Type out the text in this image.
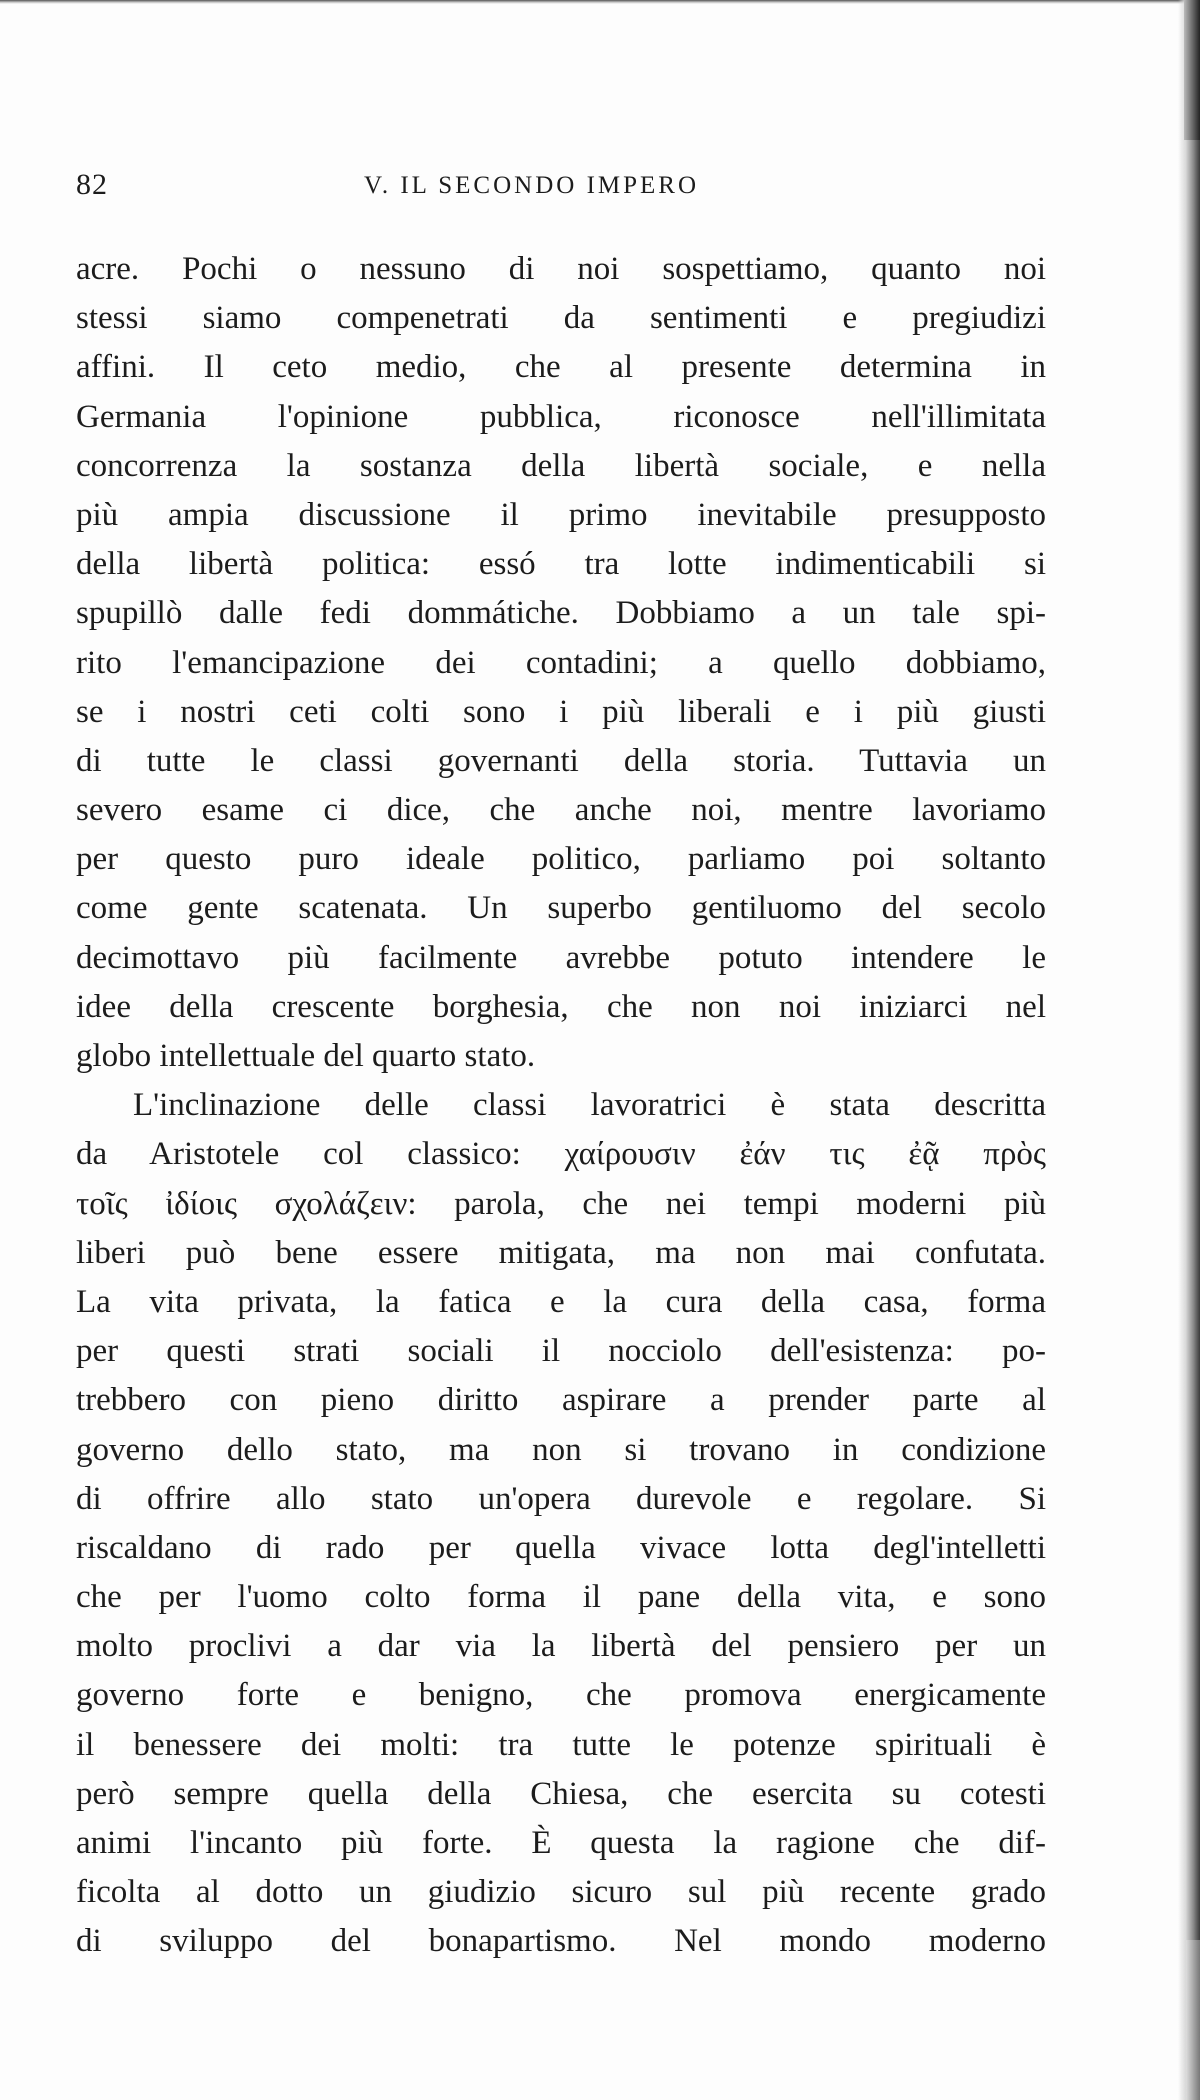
82	V. IL SECONDO IMPERO
acre. Pochi o nessuno di noi sospettiamo, quanto noi
stessi siamo compenetrati da sentimenti e pregiudizi
affini. Il ceto medio, che al presente determina in
Germania l'opinione pubblica, riconosce nell'illimitata
concorrenza la sostanza della libertà sociale, e nella
più ampia discussione il primo inevitabile presupposto
della libertà politica: essó tra lotte indimenticabili si
spupillò dalle fedi dommátiche. Dobbiamo a un tale spi-
rito l'emancipazione dei contadini; a quello dobbiamo,
se i nostri ceti colti sono i più liberali e i più giusti
di tutte le classi governanti della storia. Tuttavia un
severo esame ci dice, che anche noi, mentre lavoriamo
per questo puro ideale politico, parliamo poi soltanto
come gente scatenata. Un superbo gentiluomo del secolo
decimottavo più facilmente avrebbe potuto intendere le
idee della crescente borghesia, che non noi iniziarci nel
globo intellettuale del quarto stato.
L'inclinazione delle classi lavoratrici è stata descritta
da Aristotele col classico: χαίρουσιν ἐάν τις ἐᾷ πρὸς
τοῖς ἰδίοις σχολάζειν: parola, che nei tempi moderni più
liberi può bene essere mitigata, ma non mai confutata.
La vita privata, la fatica e la cura della casa, forma
per questi strati sociali il nocciolo dell'esistenza: po-
trebbero con pieno diritto aspirare a prender parte al
governo dello stato, ma non si trovano in condizione
di offrire allo stato un'opera durevole e regolare. Si
riscaldano di rado per quella vivace lotta degl'intelletti
che per l'uomo colto forma il pane della vita, e sono
molto proclivi a dar via la libertà del pensiero per un
governo forte e benigno, che promova energicamente
il benessere dei molti: tra tutte le potenze spirituali è
però sempre quella della Chiesa, che esercita su cotesti
animi l'incanto più forte. È questa la ragione che dif-
ficolta al dotto un giudizio sicuro sul più recente grado
di sviluppo del bonapartismo. Nel mondo moderno
